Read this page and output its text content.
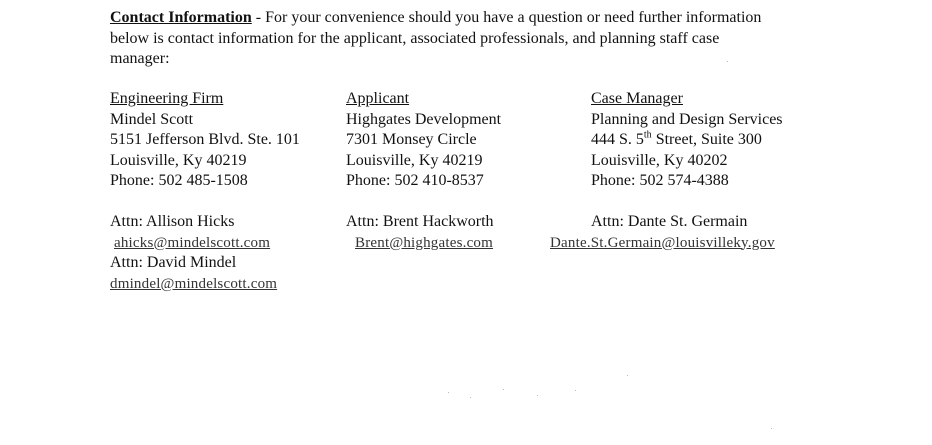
Contact Information - For your convenience should you have a question or need further information below is contact information for the applicant, associated professionals, and planning staff case manager:
Engineering Firm
Mindel Scott
5151 Jefferson Blvd. Ste. 101
Louisville, Ky 40219
Phone: 502 485-1508
Attn: Allison Hicks
ahicks@mindelscott.com
Attn: David Mindel
dmindel@mindelscott.com
Applicant
Highgates Development
7301 Monsey Circle
Louisville, Ky 40219
Phone: 502 410-8537
Attn: Brent Hackworth
Brent@highgates.com
Case Manager
Planning and Design Services
444 S. 5th Street, Suite 300
Louisville, Ky 40202
Phone: 502 574-4388
Attn: Dante St. Germain
Dante.St.Germain@louisvilleky.gov
